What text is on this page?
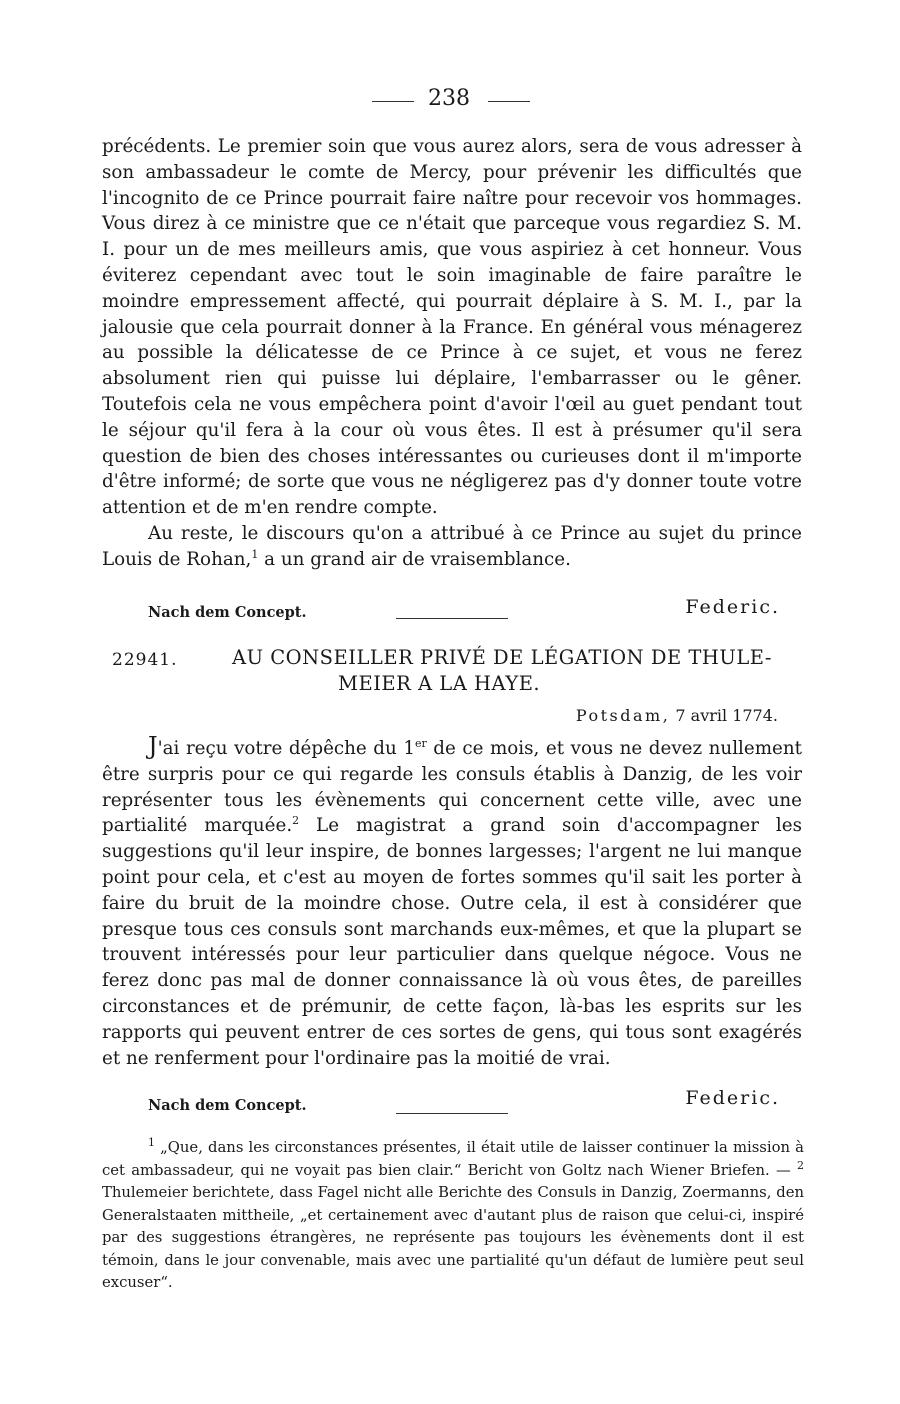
238

précédents. Le premier soin que vous aurez alors, sera de vous adresser à son ambassadeur le comte de Mercy, pour prévenir les difficultés que l'incognito de ce Prince pourrait faire naître pour recevoir vos hommages. Vous direz à ce ministre que ce n'était que parceque vous regardiez S. M. I. pour un de mes meilleurs amis, que vous aspiriez à cet honneur. Vous éviterez cependant avec tout le soin imaginable de faire paraître le moindre empressement affecté, qui pourrait déplaire à S. M. I., par la jalousie que cela pourrait donner à la France. En général vous ménagerez au possible la délicatesse de ce Prince à ce sujet, et vous ne ferez absolument rien qui puisse lui déplaire, l'embarrasser ou le gêner. Toutefois cela ne vous empêchera point d'avoir l'œil au guet pendant tout le séjour qu'il fera à la cour où vous êtes. Il est à présumer qu'il sera question de bien des choses intéressantes ou curieuses dont il m'importe d'être informé; de sorte que vous ne négligerez pas d'y donner toute votre attention et de m'en rendre compte.

Au reste, le discours qu'on a attribué à ce Prince au sujet du prince Louis de Rohan,$^1$ a un grand air de vraisemblance.

Nach dem Concept.	Federic.
22941.	AU CONSEILLER PRIVÉ DE LÉGATION DE THULE-
MEIER A LA HAYE.
Potsdam, 7 avril 1774.

J'ai reçu votre dépêche du 1er de ce mois, et vous ne devez nullement être surpris pour ce qui regarde les consuls établis à Danzig, de les voir représenter tous les évènements qui concernent cette ville, avec une partialité marquée.$^2$ Le magistrat a grand soin d'accompagner les suggestions qu'il leur inspire, de bonnes largesses; l'argent ne lui manque point pour cela, et c'est au moyen de fortes sommes qu'il sait les porter à faire du bruit de la moindre chose. Outre cela, il est à considérer que presque tous ces consuls sont marchands eux-mêmes, et que la plupart se trouvent intéressés pour leur particulier dans quelque négoce. Vous ne ferez donc pas mal de donner connaissance là où vous êtes, de pareilles circonstances et de prémunir, de cette façon, là-bas les esprits sur les rapports qui peuvent entrer de ces sortes de gens, qui tous sont exagérés et ne renferment pour l'ordinaire pas la moitié de vrai.

Nach dem Concept.	Federic.

$^1$ „Que, dans les circonstances présentes, il était utile de laisser continuer la mission à cet ambassadeur, qui ne voyait pas bien clair.“ Bericht von Goltz nach Wiener Briefen. — $^2$ Thulemeier berichtete, dass Fagel nicht alle Berichte des Consuls in Danzig, Zoermanns, den Generalstaaten mittheile, „et certainement avec d'autant plus de raison que celui-ci, inspiré par des suggestions étrangères, ne représente pas toujours les évènements dont il est témoin, dans le jour convenable, mais avec une partialité qu'un défaut de lumière peut seul excuser“.
